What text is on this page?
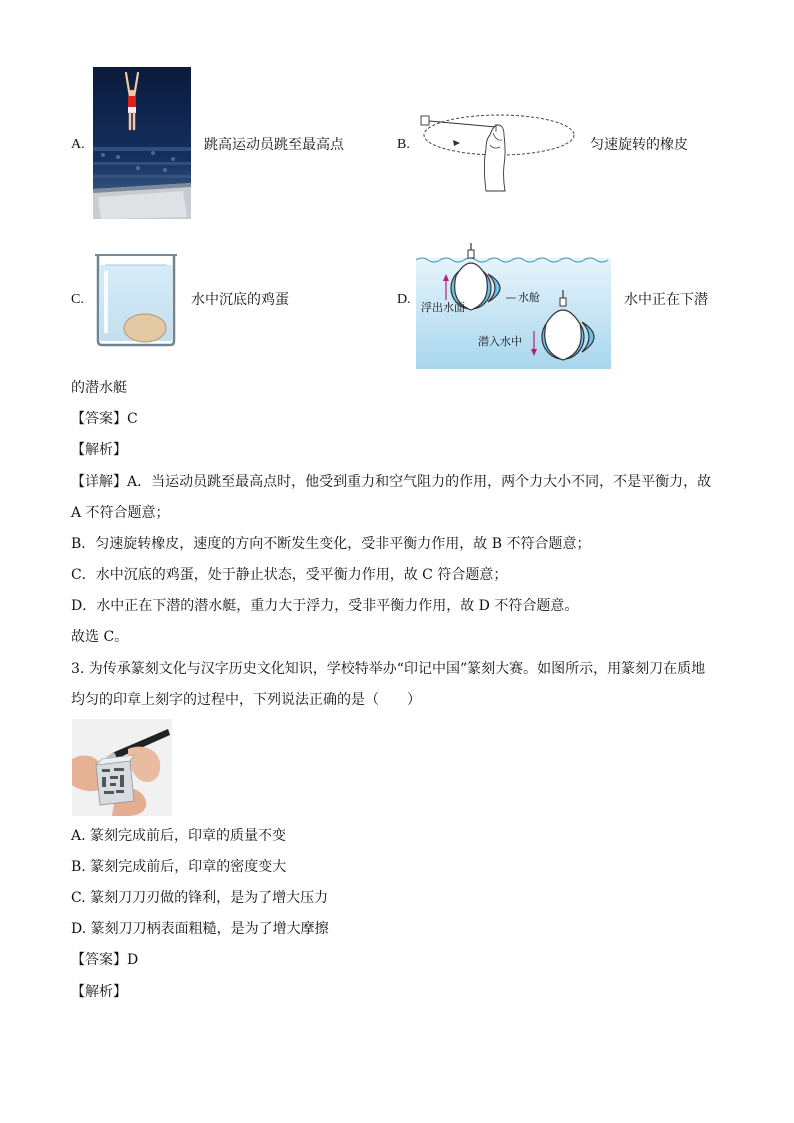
A.	跳高运动员跳至最高点	B.	匀速旋转的橡皮
C.	水中沉底的鸡蛋	D.
浮出水面
水舱
潜入水中
水中正在下潜
的潜水艇
【答案】C
【解析】
【详解】A．当运动员跳至最高点时，他受到重力和空气阻力的作用，两个力大小不同，不是平衡力，故
A 不符合题意；
B．匀速旋转橡皮，速度的方向不断发生变化，受非平衡力作用，故 B 不符合题意；
C．水中沉底的鸡蛋，处于静止状态，受平衡力作用，故 C 符合题意；
D．水中正在下潜的潜水艇，重力大于浮力，受非平衡力作用，故 D 不符合题意。
故选 C。
3. 为传承篆刻文化与汉字历史文化知识，学校特举办“印记中国”篆刻大赛。如图所示，用篆刻刀在质地
均匀的印章上刻字的过程中，下列说法正确的是（　　）
A. 篆刻完成前后，印章的质量不变
B. 篆刻完成前后，印章的密度变大
C. 篆刻刀刀刃做的锋利，是为了增大压力
D. 篆刻刀刀柄表面粗糙，是为了增大摩擦
【答案】D
【解析】
